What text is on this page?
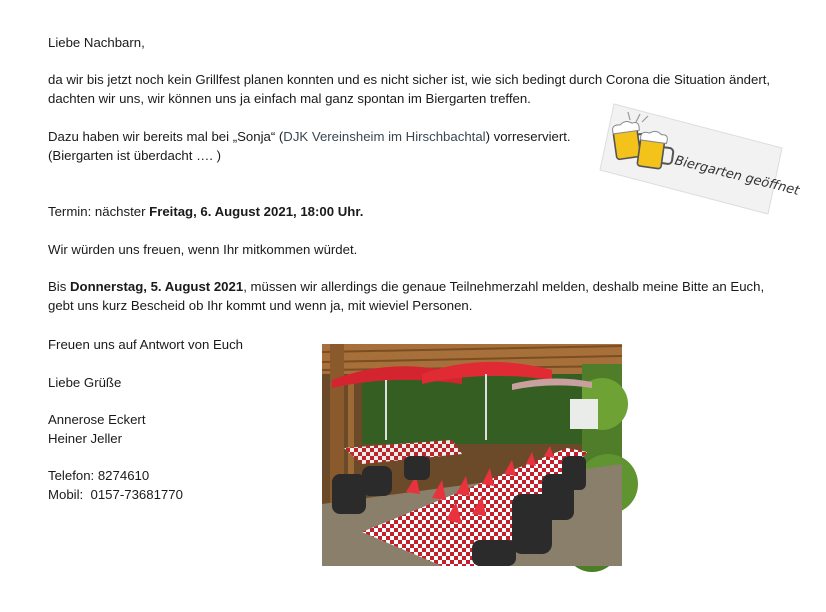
Liebe Nachbarn,

da wir bis jetzt noch kein Grillfest planen konnten und es nicht sicher ist, wie sich bedingt durch Corona die Situation ändert,

dachten wir uns, wir können uns ja einfach mal ganz spontan im Biergarten treffen.

Dazu haben wir bereits mal bei „Sonja“ (DJK Vereinsheim im Hirschbachtal) vorreserviert.

(Biergarten ist überdacht …. )

Termin: nächster Freitag, 6. August 2021, 18:00 Uhr.

Wir würden uns freuen, wenn Ihr mitkommen würdet.

Bis Donnerstag, 5. August 2021, müssen wir allerdings die genaue Teilnehmerzahl melden, deshalb meine Bitte an Euch,

gebt uns kurz Bescheid ob Ihr kommt und wenn ja, mit wieviel Personen.

Freuen uns auf Antwort von Euch

Liebe Grüße

Annerose Eckert

Heiner Jeller

Telefon: 8274610

Mobil:  0157-73681770

Biergarten geöffnet
